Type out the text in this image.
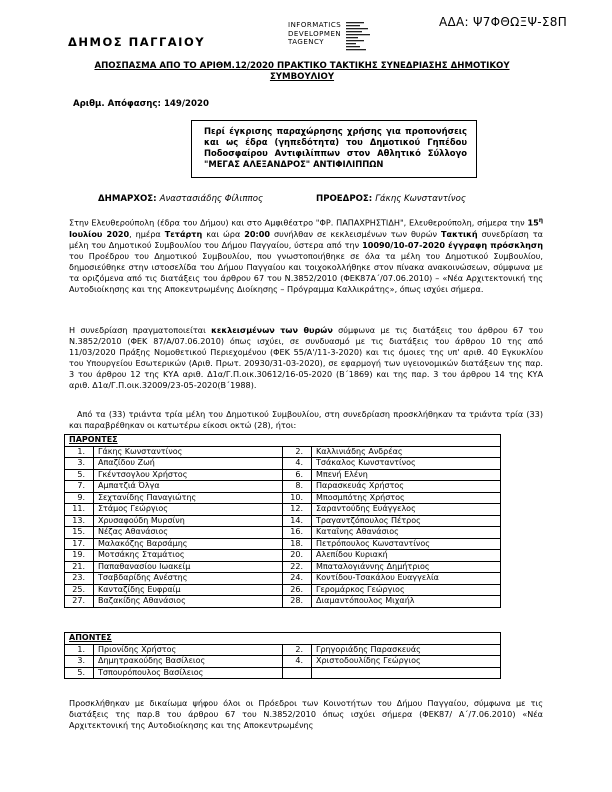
ΑΔΑ: Ψ7ΦΘΩΞΨ-Σ8Π
ΔΗΜΟΣ ΠΑΓΓΑΙΟΥ
INFORMATICS
DEVELOPMEN
TAGENCY
ΑΠΟΣΠΑΣΜΑ ΑΠΟ ΤΟ ΑΡΙΘΜ.12/2020 ΠΡΑΚΤΙΚΟ ΤΑΚΤΙΚΗΣ ΣΥΝΕΔΡΙΑΣΗΣ ΔΗΜΟΤΙΚΟΥ
ΣΥΜΒΟΥΛΙΟΥ
Αριθμ. Απόφασης: 149/2020
Περί έγκρισης παραχώρησης χρήσης για προπονήσεις και ως έδρα (γηπεδότητα) του Δημοτικού Γηπέδου Ποδοσφαίρου Αντιφιλίππων στον Αθλητικό Σύλλογο "ΜΕΓΑΣ ΑΛΕΞΑΝΔΡΟΣ" ΑΝΤΙΦΙΛΙΠΠΩΝ
ΔΗΜΑΡΧΟΣ: Αναστασιάδης Φίλιππος	ΠΡΟΕΔΡΟΣ: Γάκης Κωνσταντίνος
Στην Ελευθερούπολη (έδρα του Δήμου) και στο Αμφιθέατρο "ΦΡ. ΠΑΠΑΧΡΗΣΤΙΔΗ", Ελευθερούπολη, σήμερα την $15^\eta$ Ιουλίου 2020, ημέρα Τετάρτη και ώρα 20:00 συνήλθαν σε κεκλεισμένων των θυρών Τακτική συνεδρίαση τα μέλη του Δημοτικού Συμβουλίου του Δήμου Παγγαίου, ύστερα από την 10090/10-07-2020 έγγραφη πρόσκληση του Προέδρου του Δημοτικού Συμβουλίου, που γνωστοποιήθηκε σε όλα τα μέλη του Δημοτικού Συμβουλίου, δημοσιεύθηκε στην ιστοσελίδα του Δήμου Παγγαίου και τοιχοκολλήθηκε στον πίνακα ανακοινώσεων, σύμφωνα με τα οριζόμενα από τις διατάξεις του άρθρου 67 του Ν.3852/2010 (ΦΕΚ87Α΄/07.06.2010) – «Νέα Αρχιτεκτονική της Αυτοδιοίκησης και της Αποκεντρωμένης Διοίκησης – Πρόγραμμα Καλλικράτης», όπως ισχύει σήμερα.
Η συνεδρίαση πραγματοποιείται κεκλεισμένων των θυρών σύμφωνα με τις διατάξεις του άρθρου 67 του Ν.3852/2010 (ΦΕΚ 87/Α/07.06.2010) όπως ισχύει, σε συνδυασμό με τις διατάξεις του άρθρου 10 της από 11/03/2020 Πράξης Νομοθετικού Περιεχομένου (ΦΕΚ 55/Α'/11-3-2020) και τις όμοιες της υπ' αριθ. 40 Εγκυκλίου του Υπουργείου Εσωτερικών (Αριθ. Πρωτ. 20930/31-03-2020), σε εφαρμογή των υγειονομικών διατάξεων της παρ. 3 του άρθρου 12 της ΚΥΑ αριθ. Δ1α/Γ.Π.οικ.30612/16-05-2020 (Β΄1869) και της παρ. 3 του άρθρου 14 της ΚΥΑ αριθ. Δ1α/Γ.Π.οικ.32009/23-05-2020(Β΄1988).
Από τα (33) τριάντα τρία μέλη του Δημοτικού Συμβουλίου, στη συνεδρίαση προσκλήθηκαν τα τριάντα τρία (33) και παραβρέθηκαν οι κατωτέρω είκοσι οκτώ (28), ήτοι:
ΠΑΡΟΝΤΕΣ			
1.	Γάκης Κωνσταντίνος	2.	Καλλινιάδης Ανδρέας
3.	Απαζίδου Ζωή	4.	Τσάκαλος Κωνσταντίνος
5.	Γκέντσογλου Χρήστος	6.	Μπενή Ελένη
7.	Αμπατζιά Όλγα	8.	Παρασκευάς Χρήστος
9.	Σεχτανίδης Παναγιώτης	10.	Μποσμπότης Χρήστος
11.	Στάμος Γεώργιος	12.	Σαραντούδης Ευάγγελος
13.	Χρυσαφούδη Μυρσίνη	14.	Τραγαντζόπουλος Πέτρος
15.	Νέζας Αθανάσιος	16.	Καταΐνης Αθανάσιος
17.	Μαλακόζης Βαρσάμης	18.	Πετρόπουλος Κωνσταντίνος
19.	Μοτσάκης Σταμάτιος	20.	Αλεπίδου Κυριακή
21.	Παπαθανασίου Ιωακείμ	22.	Μπαταλογιάννης Δημήτριος
23.	Τσαβδαρίδης Ανέστης	24.	Κοντίδου-Τσακάλου Ευαγγελία
25.	Κανταζίδης Ευφραίμ	26.	Γερομάρκος Γεώργιος
27.	Βαζακίδης Αθανάσιος	28.	Διαμαντόπουλος Μιχαήλ
ΑΠΟΝΤΕΣ			
1.	Πριονίδης Χρήστος	2.	Γρηγοριάδης Παρασκευάς
3.	Δημητρακούδης Βασίλειος	4.	Χριστοδουλίδης Γεώργιος
5.	Τσπουρόπουλος Βασίλειος		
Προσκλήθηκαν με δικαίωμα ψήφου όλοι οι Πρόεδροι των Κοινοτήτων του Δήμου Παγγαίου, σύμφωνα με τις διατάξεις της παρ.8 του άρθρου 67 του Ν.3852/2010 όπως ισχύει σήμερα (ΦΕΚ87/ Α΄/7.06.2010) «Νέα Αρχιτεκτονική της Αυτοδιοίκησης και της Αποκεντρωμένης
